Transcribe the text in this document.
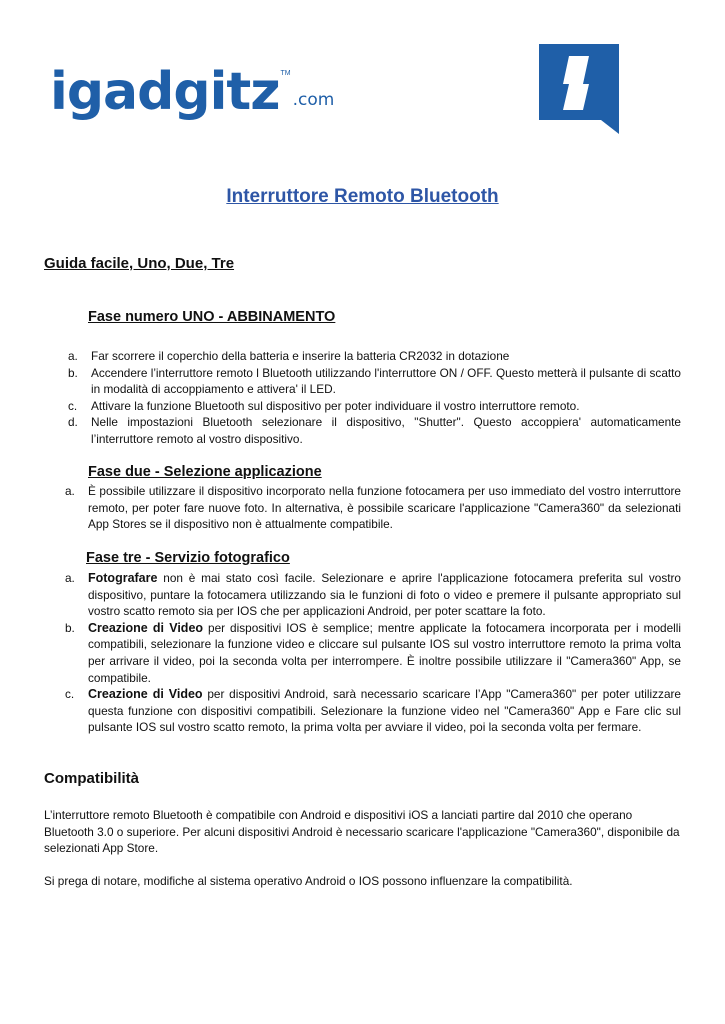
igadgitz™.com
Interruttore Remoto Bluetooth
Guida facile, Uno, Due, Tre
Fase numero UNO - ABBINAMENTO
a. Far scorrere il coperchio della batteria e inserire la batteria CR2032 in dotazione
b. Accendere l’interruttore remoto l Bluetooth utilizzando l'interruttore ON / OFF. Questo metterà il pulsante di scatto in modalità di accoppiamento e attivera' il LED.
c. Attivare la funzione Bluetooth sul dispositivo per poter individuare il vostro interruttore remoto.
d. Nelle impostazioni Bluetooth selezionare il dispositivo, "Shutter". Questo accoppiera' automaticamente l’interruttore remoto al vostro dispositivo.
Fase due - Selezione applicazione
a. È possibile utilizzare il dispositivo incorporato nella funzione fotocamera per uso immediato del vostro interruttore remoto, per poter fare nuove foto. In alternativa, è possibile scaricare l'applicazione "Camera360" da selezionati App Stores se il dispositivo non è attualmente compatibile.
Fase tre - Servizio fotografico
a. Fotografare non è mai stato così facile. Selezionare e aprire l'applicazione fotocamera preferita sul vostro dispositivo, puntare la fotocamera utilizzando sia le funzioni di foto o video e premere il pulsante appropriato sul vostro scatto remoto sia per IOS che per applicazioni Android, per poter scattare la foto.
b. Creazione di Video per dispositivi IOS è semplice; mentre applicate la fotocamera incorporata per i modelli compatibili, selezionare la funzione video e cliccare sul pulsante IOS sul vostro interruttore remoto la prima volta per arrivare il video, poi la seconda volta per interrompere. È inoltre possibile utilizzare il "Camera360" App, se compatibile.
c. Creazione di Video per dispositivi Android, sarà necessario scaricare l’App "Camera360" per poter utilizzare questa funzione con dispositivi compatibili. Selezionare la funzione video nel "Camera360" App e Fare clic sul pulsante IOS sul vostro scatto remoto, la prima volta per avviare il video, poi la seconda volta per fermare.
Compatibilità

L’interruttore remoto Bluetooth è compatibile con Android e dispositivi iOS a lanciati partire dal 2010 che operano Bluetooth 3.0 o superiore. Per alcuni dispositivi Android è necessario scaricare l'applicazione "Camera360", disponibile da selezionati App Store.

Si prega di notare, modifiche al sistema operativo Android o IOS possono influenzare la compatibilità.
